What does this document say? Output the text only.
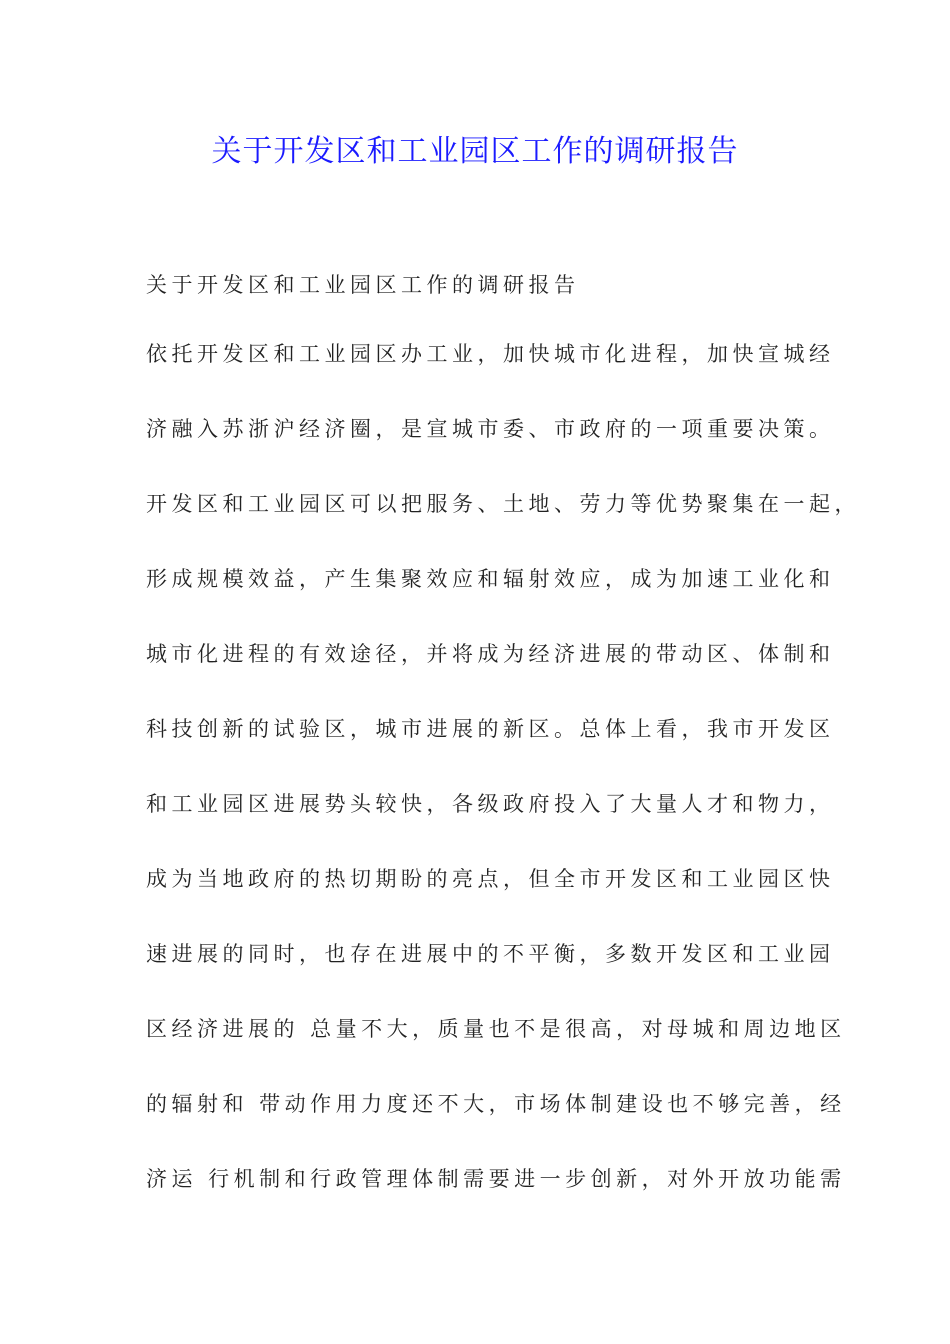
关于开发区和工业园区工作的调研报告
关于开发区和工业园区工作的调研报告
依托开发区和工业园区办工业，加快城市化进程，加快宣城经
济融入苏浙沪经济圈，是宣城市委、市政府的一项重要决策。
开发区和工业园区可以把服务、土地、劳力等优势聚集在一起，
形成规模效益，产生集聚效应和辐射效应，成为加速工业化和
城市化进程的有效途径，并将成为经济进展的带动区、体制和
科技创新的试验区，城市进展的新区。总体上看，我市开发区
和工业园区进展势头较快，各级政府投入了大量人才和物力，
成为当地政府的热切期盼的亮点，但全市开发区和工业园区快
速进展的同时，也存在进展中的不平衡，多数开发区和工业园
区经济进展的 总量不大，质量也不是很高，对母城和周边地区
的辐射和 带动作用力度还不大，市场体制建设也不够完善，经
济运 行机制和行政管理体制需要进一步创新，对外开放功能需
